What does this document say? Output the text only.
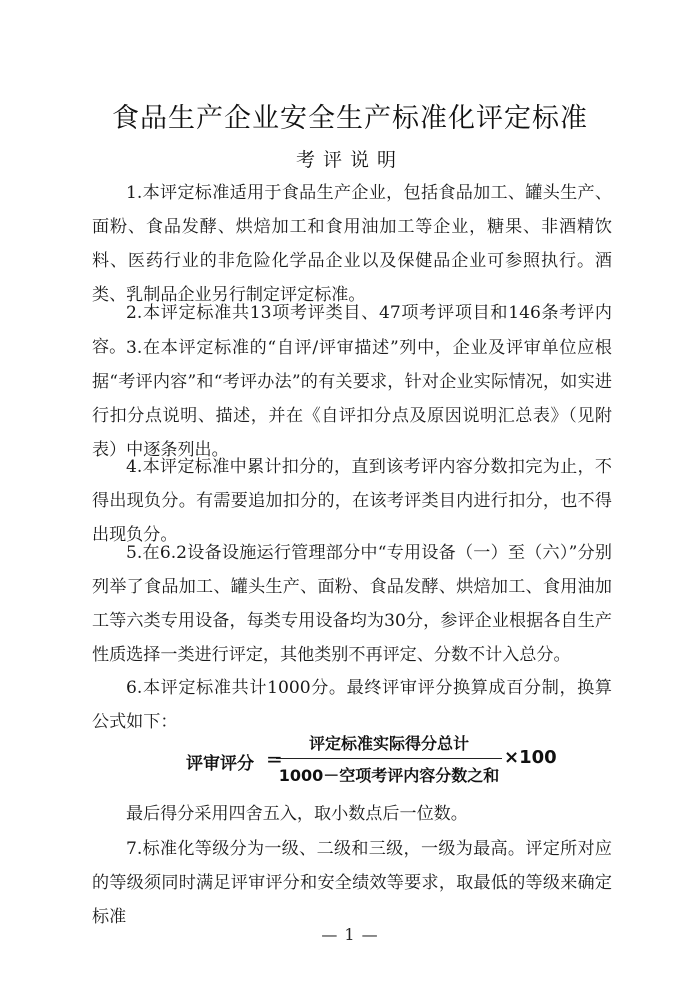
食品生产企业安全生产标准化评定标准
考评说明

1.本评定标准适用于食品生产企业，包括食品加工、罐头生产、面粉、食品发酵、烘焙加工和食用油加工等企业，糖果、非酒精饮料、医药行业的非危险化学品企业以及保健品企业可参照执行。酒类、乳制品企业另行制定评定标准。

2.本评定标准共13项考评类目、47项考评项目和146条考评内容。 3.在本评定标准的“自评/评审描述”列中，企业及评审单位应根据“考评内容”和“考评办法”的有关要求，针对企业实际情况，如实进行扣分点说明、描述，并在《自评扣分点及原因说明汇总表》（见附表）中逐条列出。

4.本评定标准中累计扣分的，直到该考评内容分数扣完为止，不得出现负分。有需要追加扣分的，在该考评类目内进行扣分，也不得出现负分。

5.在6.2设备设施运行管理部分中“专用设备（一）至（六）”分别列举了食品加工、罐头生产、面粉、食品发酵、烘焙加工、食用油加工等六类专用设备，每类专用设备均为30分，参评企业根据各自生产性质选择一类进行评定，其他类别不再评定、分数不计入总分。

6.本评定标准共计1000分。最终评审评分换算成百分制，换算公式如下：

评审评分 =
评定标准实际得分总计
1000－空项考评内容分数之和
×100

最后得分采用四舍五入，取小数点后一位数。

7.标准化等级分为一级、二级和三级，一级为最高。评定所对应的等级须同时满足评审评分和安全绩效等要求，取最低的等级来确定标准

— 1 —
